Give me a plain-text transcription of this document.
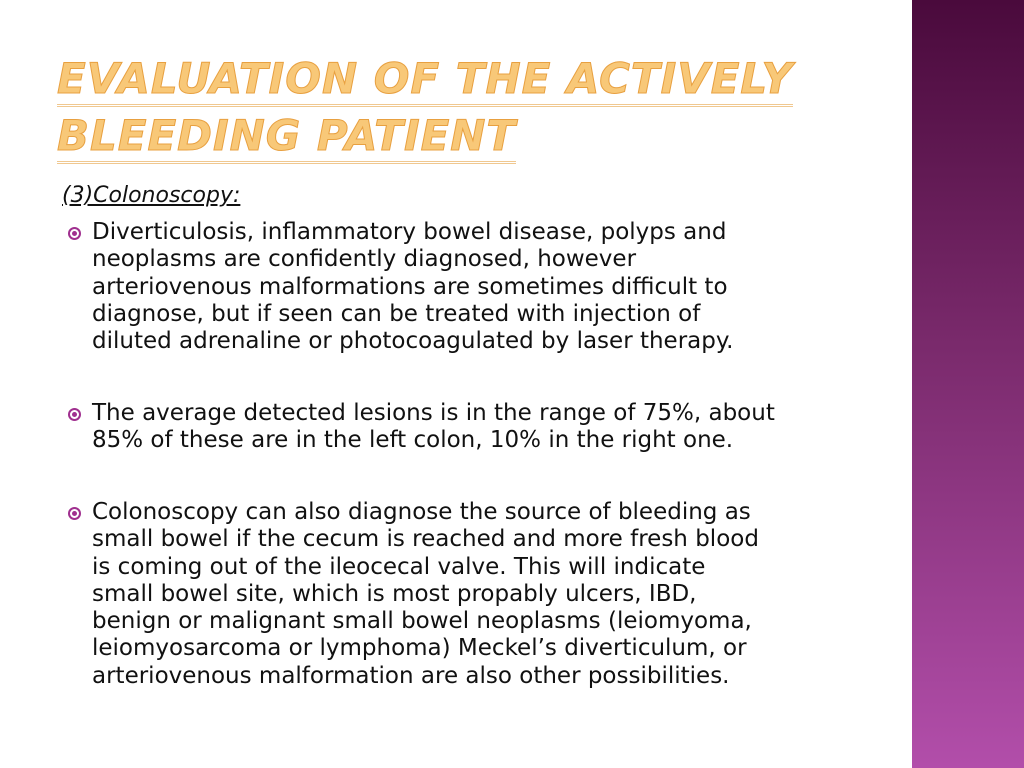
EVALUATION OF THE ACTIVELY
BLEEDING PATIENT
(3)Colonoscopy:
Diverticulosis, inflammatory bowel disease, polyps and
neoplasms are confidently diagnosed, however
arteriovenous malformations are sometimes difficult to
diagnose, but if seen can be treated with injection of
diluted adrenaline or photocoagulated by laser therapy.
The average detected lesions is in the range of 75%, about
85% of these are in the left colon, 10% in the right one.
Colonoscopy can also diagnose the source of bleeding as
small bowel if the cecum is reached and more fresh blood
is coming out of the ileocecal valve. This will indicate
small bowel site, which is most propably ulcers, IBD,
benign or malignant small bowel neoplasms (leiomyoma,
leiomyosarcoma or lymphoma) Meckel’s diverticulum, or
arteriovenous malformation are also other possibilities.
